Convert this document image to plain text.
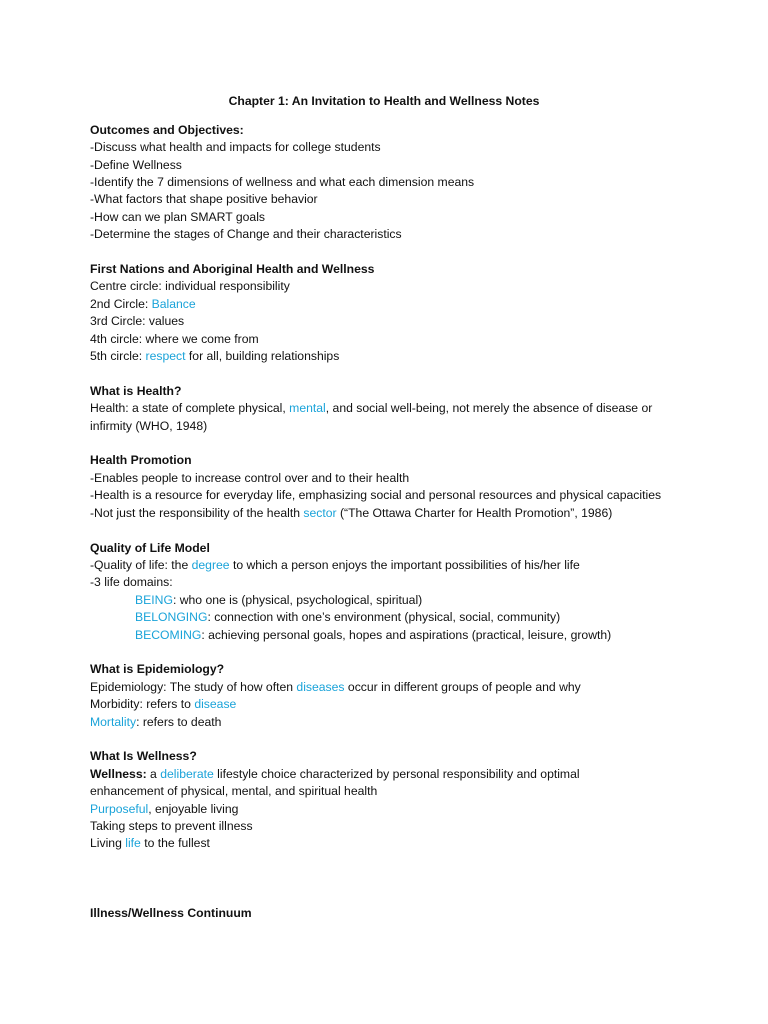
Chapter 1: An Invitation to Health and Wellness Notes
Outcomes and Objectives:
-Discuss what health and impacts for college students
-Define Wellness
-Identify the 7 dimensions of wellness and what each dimension means
-What factors that shape positive behavior
-How can we plan SMART goals
-Determine the stages of Change and their characteristics
First Nations and Aboriginal Health and Wellness
Centre circle: individual responsibility
2nd Circle: Balance
3rd Circle: values
4th circle: where we come from
5th circle: respect for all, building relationships
What is Health?
Health: a state of complete physical, mental, and social well-being, not merely the absence of disease or
infirmity (WHO, 1948)
Health Promotion
-Enables people to increase control over and to their health
-Health is a resource for everyday life, emphasizing social and personal resources and physical capacities
-Not just the responsibility of the health sector (“The Ottawa Charter for Health Promotion”, 1986)
Quality of Life Model
-Quality of life: the degree to which a person enjoys the important possibilities of his/her life
-3 life domains:
BEING: who one is (physical, psychological, spiritual)
BELONGING: connection with one’s environment (physical, social, community)
BECOMING: achieving personal goals, hopes and aspirations (practical, leisure, growth)
What is Epidemiology?
Epidemiology: The study of how often diseases occur in different groups of people and why
Morbidity: refers to disease
Mortality: refers to death
What Is Wellness?
Wellness: a deliberate lifestyle choice characterized by personal responsibility and optimal
enhancement of physical, mental, and spiritual health
Purposeful, enjoyable living
Taking steps to prevent illness
Living life to the fullest
Illness/Wellness Continuum
